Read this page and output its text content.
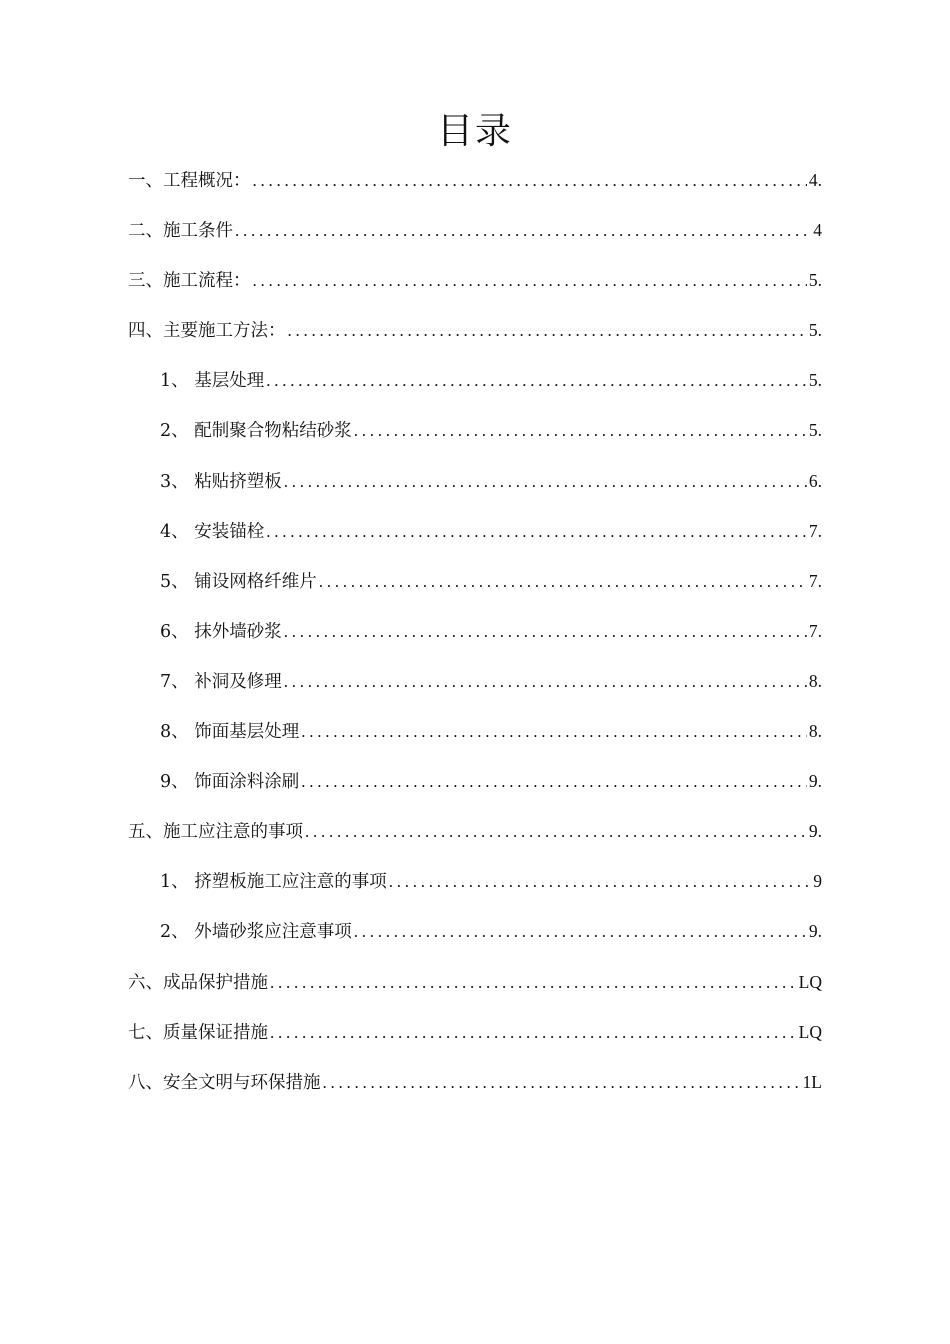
目录
一、工程概况： . . .	4.
二、施工条件 . . .	4
三、施工流程： . . .	5.
四、主要施工方法： . . .	5.
1、 基层处理 . . .	5.
2、 配制聚合物粘结砂浆 . . .	5.
3、 粘贴挤塑板 . . .	6.
4、 安装锚栓 . . .	7.
5、 铺设网格纤维片 . . .	7.
6、 抹外墙砂浆 . . .	7.
7、 补洞及修理 . . .	8.
8、 饰面基层处理 . . .	8.
9、 饰面涂料涂刷 . . .	9.
五、施工应注意的事项 . . .	9.
1、 挤塑板施工应注意的事项 . . .	9
2、 外墙砂浆应注意事项 . . .	9.
六、成品保护措施 . . .	LQ
七、质量保证措施 . . .	LQ
八、安全文明与环保措施 . . .	1L
